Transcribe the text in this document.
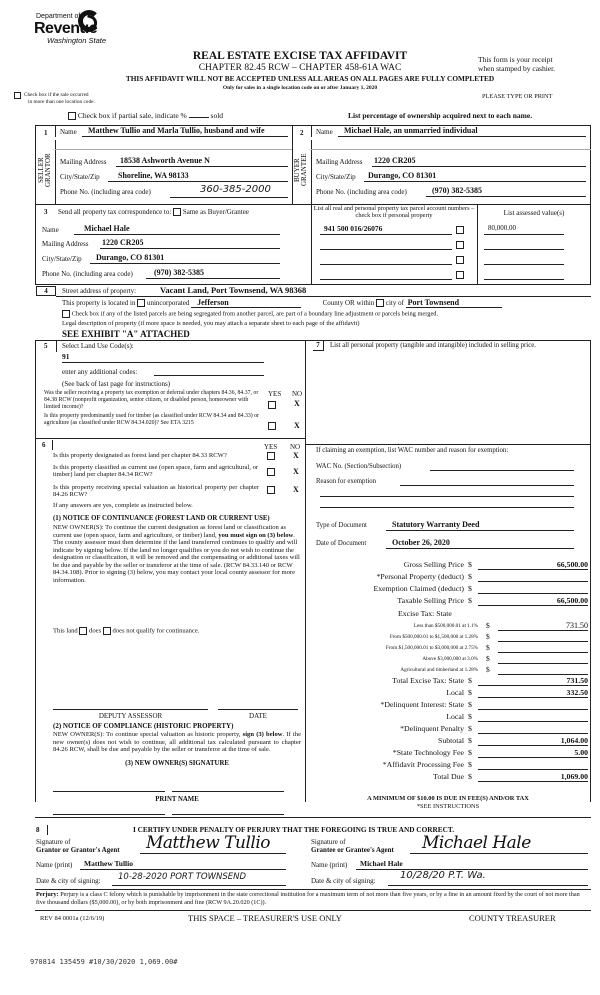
Department of
Revenue
Washington State
REAL ESTATE EXCISE TAX AFFIDAVIT
CHAPTER 82.45 RCW – CHAPTER 458-61A WAC
THIS AFFIDAVIT WILL NOT BE ACCEPTED UNLESS ALL AREAS ON ALL PAGES ARE FULLY COMPLETED
Only for sales in a single location code on or after January 1, 2020
This form is your receipt
when stamped by cashier.
PLEASE TYPE OR PRINT
Check box if the sale occurred
in more than one location code.
Check box if partial sale, indicate %	sold	List percentage of ownership acquired next to each name.
1
SELLER
GRANTOR
Name	Matthew Tullio and Marla Tullio, husband and wife
Mailing Address	18538 Ashworth Avenue N
City/State/Zip	Shoreline, WA 98133
Phone No. (including area code)	360-385-2000
2
BUYER
GRANTEE
Name	Michael Hale, an unmarried individual
Mailing Address 1220 CR205
City/State/Zip	Durango, CO 81301
Phone No. (including area code)	(970) 382-5385
3 Send all property tax correspondence to: Same as Buyer/Grantee
Name	Michael Hale
Mailing Address 1220 CR205
City/State/Zip	Durango, CO 81301
Phone No. (including area code)	(970) 382-5385
List all real and personal property tax parcel account numbers – check box if personal property	List assessed value(s)
941 500 016/26076	80,000.00
4	Street address of property:	Vacant Land, Port Townsend, WA 98368
This property is located in unincorporated Jefferson	County OR within city of Port Townsend
Check box if any of the listed parcels are being segregated from another parcel, are part of a boundary line adjustment or parcels being merged.
Legal description of property (if more space is needed, you may attach a separate sheet to each page of the affidavit)
SEE EXHIBIT "A" ATTACHED
5 Select Land Use Code(s):
91
enter any additional codes:
(See back of last page for instructions)
YES NO
Was the seller receiving a property tax exemption or deferral under chapters 84.36, 84.37, or 84.38 RCW (nonprofit organization, senior citizen, or disabled person, homeowner with limited income)?	X
Is this property predominantly used for timber (as classified under RCW 84.34 and 84.33) or agriculture (as classified under RCW 84.34.020)? See ETA 3215	X
6	YES NO
Is this property designated as forest land per chapter 84.33 RCW?	X
Is this property classified as current use (open space, farm and agricultural, or timber) land per chapter 84.34 RCW?	X
Is this property receiving special valuation as historical property per chapter 84.26 RCW?
X
If any answers are yes, complete as instructed below.
(1) NOTICE OF CONTINUANCE (FOREST LAND OR CURRENT USE)
NEW OWNER(S): To continue the current designation as forest land or classification as current use (open space, farm and agriculture, or timber) land, you must sign on (3) below. The county assessor must then determine if the land transferred continues to qualify and will indicate by signing below. If the land no longer qualifies or you do not wish to continue the designation or classification, it will be removed and the compensating or additional taxes will be due and payable by the seller or transferor at the time of sale. (RCW 84.33.140 or RCW 84.34.108). Prior to signing (3) below, you may contact your local county assessor for more information.
This land does does not qualify for continuance.
DEPUTY ASSESSOR	DATE
(2) NOTICE OF COMPLIANCE (HISTORIC PROPERTY)
NEW OWNER(S): To continue special valuation as historic property, sign (3) below. If the new owner(s) does not wish to continue, all additional tax calculated pursuant to chapter 84.26 RCW, shall be due and payable by the seller or transferor at the time of sale.
(3) NEW OWNER(S) SIGNATURE
PRINT NAME
7	List all personal property (tangible and intangible) included in selling price.
If claiming an exemption, list WAC number and reason for exemption:
WAC No. (Section/Subsection)
Reason for exemption
Type of Document	Statutory Warranty Deed
Date of Document	October 26, 2020
Gross Selling Price $	66,500.00
*Personal Property (deduct) $
Exemption Claimed (deduct) $
Taxable Selling Price $	66,500.00
Excise Tax: State
Less than $500,000.01 at 1.1% $	731.50
From $500,000.01 to $1,500,000 at 1.28% $
From $1,500,000.01 to $3,000,000 at 2.75% $
Above $3,000,000 at 3.0% $
Agricultural and timberland at 1.28% $
Total Excise Tax: State $	731.50
Local $	332.50
*Delinquent Interest: State $
Local $
*Delinquent Penalty $
Subtotal $	1,064.00
*State Technology Fee $	5.00
*Affidavit Processing Fee $
Total Due $	1,069.00
A MINIMUM OF $10.00 IS DUE IN FEE(S) AND/OR TAX
*SEE INSTRUCTIONS
8	I CERTIFY UNDER PENALTY OF PERJURY THAT THE FOREGOING IS TRUE AND CORRECT.
Signature of
Grantor or Grantor's Agent	Matthew Tullio
Name (print)	Matthew Tullio
Date & city of signing:	10-28-2020 PORT TOWNSEND
Signature of
Grantee or Grantee's Agent	Michael Hale
Name (print)	Michael Hale
Date & city of signing:	10/28/20 P.T. Wa.
Perjury: Perjury is a class C felony which is punishable by imprisonment in the state correctional institution for a maximum term of not more than five years, or by a fine in an amount fixed by the court of not more than five thousand dollars ($5,000.00), or by both imprisonment and fine (RCW 9A.20.020 (1C)).
REV 84 0001a (12/6/19)	THIS SPACE – TREASURER'S USE ONLY	COUNTY TREASURER
970814 135459 #10/30/2020 1,069.00#
